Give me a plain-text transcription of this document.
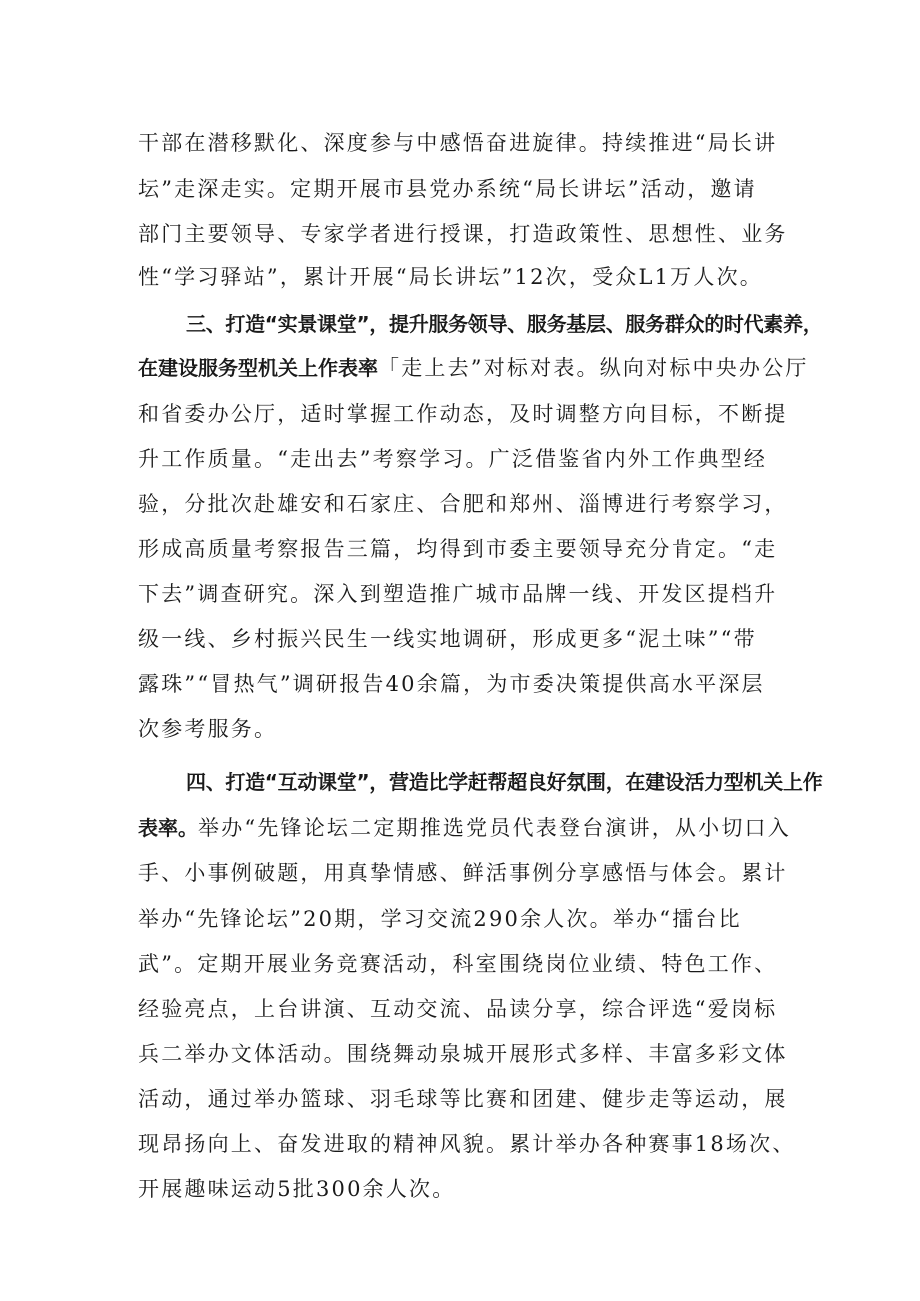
干部在潜移默化、深度参与中感悟奋进旋律。持续推进“局长讲
坛”走深走实。定期开展市县党办系统“局长讲坛”活动，邀请
部门主要领导、专家学者进行授课，打造政策性、思想性、业务
性“学习驿站”，累计开展“局长讲坛”12次，受众L1万人次。
三、打造“实景课堂”，提升服务领导、服务基层、服务群众的时代素养，
在建设服务型机关上作表率「走上去”对标对表。纵向对标中央办公厅
和省委办公厅，适时掌握工作动态，及时调整方向目标，不断提
升工作质量。“走出去”考察学习。广泛借鉴省内外工作典型经
验，分批次赴雄安和石家庄、合肥和郑州、淄博进行考察学习，
形成高质量考察报告三篇，均得到市委主要领导充分肯定。“走
下去”调查研究。深入到塑造推广城市品牌一线、开发区提档升
级一线、乡村振兴民生一线实地调研，形成更多“泥土味”“带
露珠”“冒热气”调研报告40余篇，为市委决策提供高水平深层
次参考服务。
四、打造“互动课堂”，营造比学赶帮超良好氛围，在建设活力型机关上作
表率。举办“先锋论坛二定期推选党员代表登台演讲，从小切口入
手、小事例破题，用真挚情感、鲜活事例分享感悟与体会。累计
举办“先锋论坛”20期，学习交流290余人次。举办“擂台比
武”。定期开展业务竞赛活动，科室围绕岗位业绩、特色工作、
经验亮点，上台讲演、互动交流、品读分享，综合评选“爱岗标
兵二举办文体活动。围绕舞动泉城开展形式多样、丰富多彩文体
活动，通过举办篮球、羽毛球等比赛和团建、健步走等运动，展
现昂扬向上、奋发进取的精神风貌。累计举办各种赛事18场次、
开展趣味运动5批300余人次。
